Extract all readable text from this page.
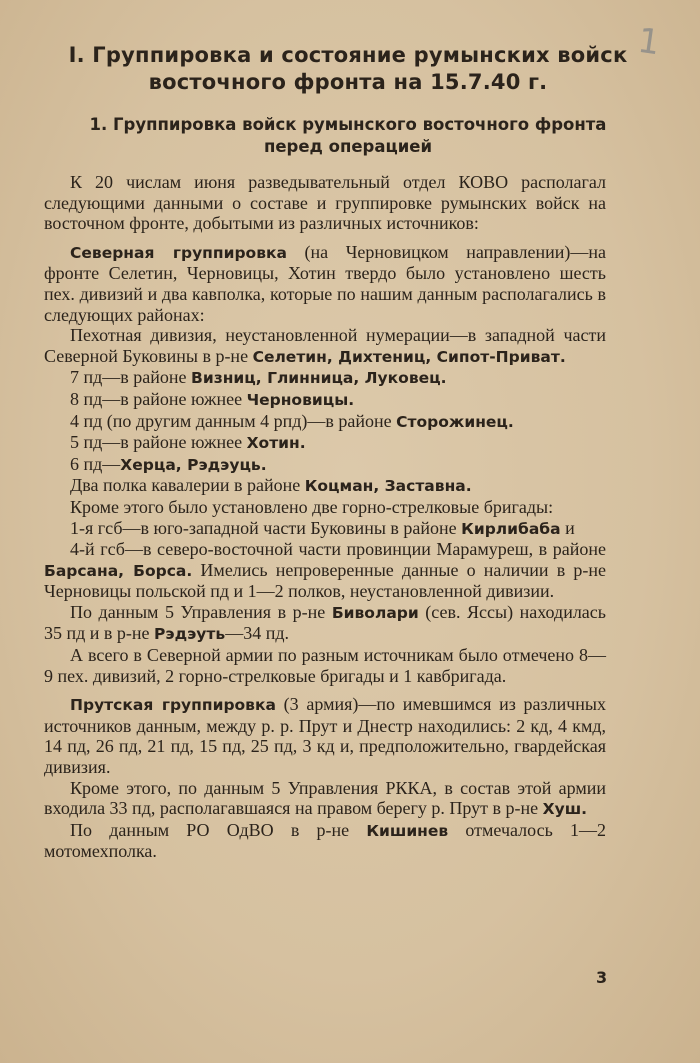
1
I. Группировка и состояние румынских войск
восточного фронта на 15.7.40 г.
1. Группировка войск румынского восточного фронта
перед операцией

К 20 числам июня разведывательный отдел КОВО располагал следующими данными о составе и группировке румынских войск на восточном фронте, добытыми из различных источников:

Северная группировка (на Черновицком направлении)—на фронте Селетин, Черновицы, Хотин твердо было установлено шесть пех. дивизий и два кавполка, которые по нашим данным располагались в следующих районах:

Пехотная дивизия, неустановленной нумерации—в западной части Северной Буковины в р-не Селетин, Дихтениц, Сипот-Приват.

7 пд—в районе Визниц, Глинница, Луковец.

8 пд—в районе южнее Черновицы.

4 пд (по другим данным 4 рпд)—в районе Сторожинец.

5 пд—в районе южнее Хотин.

6 пд—Херца, Рэдэуць.

Два полка кавалерии в районе Коцман, Заставна.

Кроме этого было установлено две горно-стрелковые бригады:

1-я гсб—в юго-западной части Буковины в районе Кирлибаба и

4-й гсб—в северо-восточной части провинции Марамуреш, в районе Барсана, Борса. Имелись непроверенные данные о наличии в р-не Черновицы польской пд и 1—2 полков, неустановленной дивизии.

По данным 5 Управления в р-не Биволари (сев. Яссы) находилась 35 пд и в р-не Рэдэуть—34 пд.

А всего в Северной армии по разным источникам было отмечено 8—9 пех. дивизий, 2 горно-стрелковые бригады и 1 кавбригада.

Прутская группировка (3 армия)—по имевшимся из различных источников данным, между р. р. Прут и Днестр находились: 2 кд, 4 кмд, 14 пд, 26 пд, 21 пд, 15 пд, 25 пд, 3 кд и, предположительно, гвардейская дивизия.

Кроме этого, по данным 5 Управления РККА, в состав этой армии входила 33 пд, располагавшаяся на правом берегу р. Прут в р-не Хуш.

По данным РО ОдВО в р-не Кишинев отмечалось 1—2 мотомехполка.

3
